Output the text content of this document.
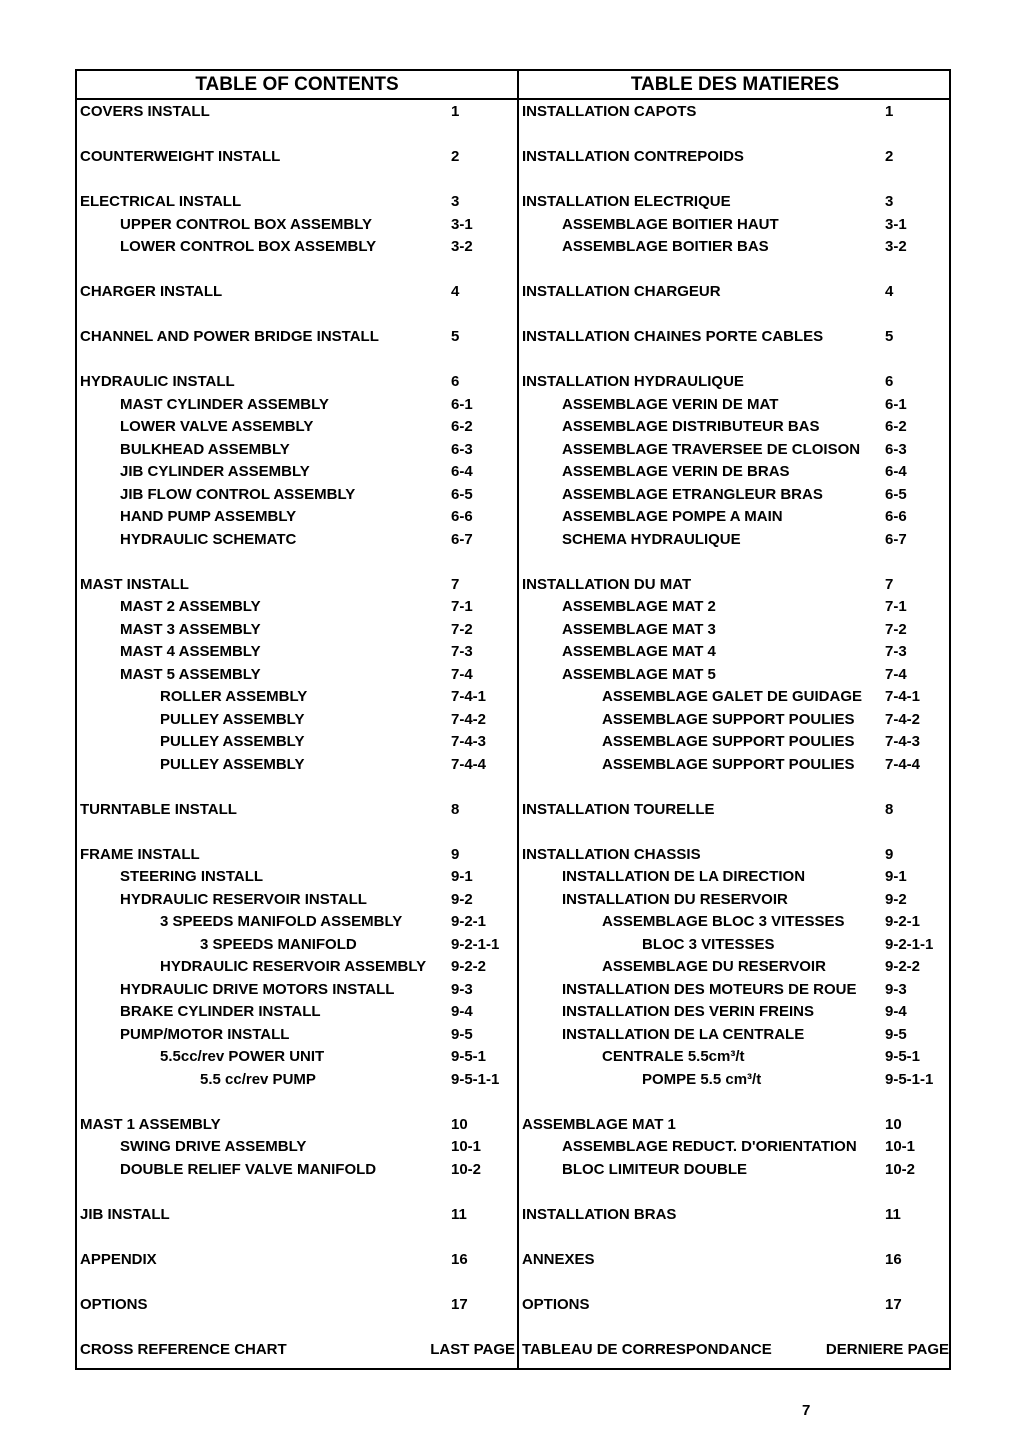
TABLE OF CONTENTS
COVERS INSTALL	1
COUNTERWEIGHT INSTALL	2
ELECTRICAL INSTALL	3
UPPER CONTROL BOX ASSEMBLY	3-1
LOWER CONTROL BOX ASSEMBLY	3-2
CHARGER INSTALL	4
CHANNEL AND POWER BRIDGE INSTALL	5
HYDRAULIC INSTALL	6
MAST CYLINDER ASSEMBLY	6-1
LOWER VALVE ASSEMBLY	6-2
BULKHEAD ASSEMBLY	6-3
JIB CYLINDER ASSEMBLY	6-4
JIB FLOW CONTROL ASSEMBLY	6-5
HAND PUMP ASSEMBLY	6-6
HYDRAULIC SCHEMATC	6-7
MAST INSTALL	7
MAST 2 ASSEMBLY	7-1
MAST 3 ASSEMBLY	7-2
MAST 4 ASSEMBLY	7-3
MAST 5 ASSEMBLY	7-4
ROLLER ASSEMBLY	7-4-1
PULLEY ASSEMBLY	7-4-2
PULLEY ASSEMBLY	7-4-3
PULLEY ASSEMBLY	7-4-4
TURNTABLE INSTALL	8
FRAME INSTALL	9
STEERING INSTALL	9-1
HYDRAULIC RESERVOIR INSTALL	9-2
3 SPEEDS MANIFOLD ASSEMBLY	9-2-1
3 SPEEDS MANIFOLD	9-2-1-1
HYDRAULIC RESERVOIR ASSEMBLY 9-2-2
HYDRAULIC DRIVE MOTORS INSTALL	9-3
BRAKE CYLINDER INSTALL	9-4
PUMP/MOTOR INSTALL	9-5
5.5cc/rev POWER UNIT	9-5-1
5.5 cc/rev PUMP	9-5-1-1
MAST 1 ASSEMBLY	10
SWING DRIVE ASSEMBLY	10-1
DOUBLE RELIEF VALVE MANIFOLD	10-2
JIB INSTALL	11
APPENDIX	16
OPTIONS	17
CROSS REFERENCE CHART	LAST PAGE
TABLE DES MATIERES
INSTALLATION CAPOTS	1
INSTALLATION CONTREPOIDS	2
INSTALLATION ELECTRIQUE	3
ASSEMBLAGE BOITIER HAUT	3-1
ASSEMBLAGE BOITIER BAS	3-2
INSTALLATION CHARGEUR	4
INSTALLATION CHAINES PORTE CABLES	5
INSTALLATION HYDRAULIQUE	6
ASSEMBLAGE VERIN DE MAT	6-1
ASSEMBLAGE DISTRIBUTEUR BAS	6-2
ASSEMBLAGE TRAVERSEE DE CLOISON 6-3
ASSEMBLAGE VERIN DE BRAS	6-4
ASSEMBLAGE ETRANGLEUR BRAS	6-5
ASSEMBLAGE POMPE A MAIN	6-6
SCHEMA HYDRAULIQUE	6-7
INSTALLATION DU MAT	7
ASSEMBLAGE MAT 2	7-1
ASSEMBLAGE MAT 3	7-2
ASSEMBLAGE MAT 4	7-3
ASSEMBLAGE MAT 5	7-4
ASSEMBLAGE GALET DE GUIDAGE 7-4-1
ASSEMBLAGE SUPPORT POULIES 7-4-2
ASSEMBLAGE SUPPORT POULIES 7-4-3
ASSEMBLAGE SUPPORT POULIES 7-4-4
INSTALLATION TOURELLE	8
INSTALLATION CHASSIS	9
INSTALLATION DE LA DIRECTION	9-1
INSTALLATION DU RESERVOIR	9-2
ASSEMBLAGE BLOC 3 VITESSES	9-2-1
BLOC 3 VITESSES	9-2-1-1
ASSEMBLAGE DU RESERVOIR	9-2-2
INSTALLATION DES MOTEURS DE ROUE 9-3
INSTALLATION DES VERIN FREINS	9-4
INSTALLATION DE LA CENTRALE	9-5
CENTRALE 5.5cm³/t	9-5-1
POMPE 5.5 cm³/t	9-5-1-1
ASSEMBLAGE MAT 1	10
ASSEMBLAGE REDUCT. D'ORIENTATION 10-1
BLOC LIMITEUR DOUBLE	10-2
INSTALLATION BRAS	11
ANNEXES	16
OPTIONS	17
TABLEAU DE CORRESPONDANCE	DERNIERE PAGE
7
